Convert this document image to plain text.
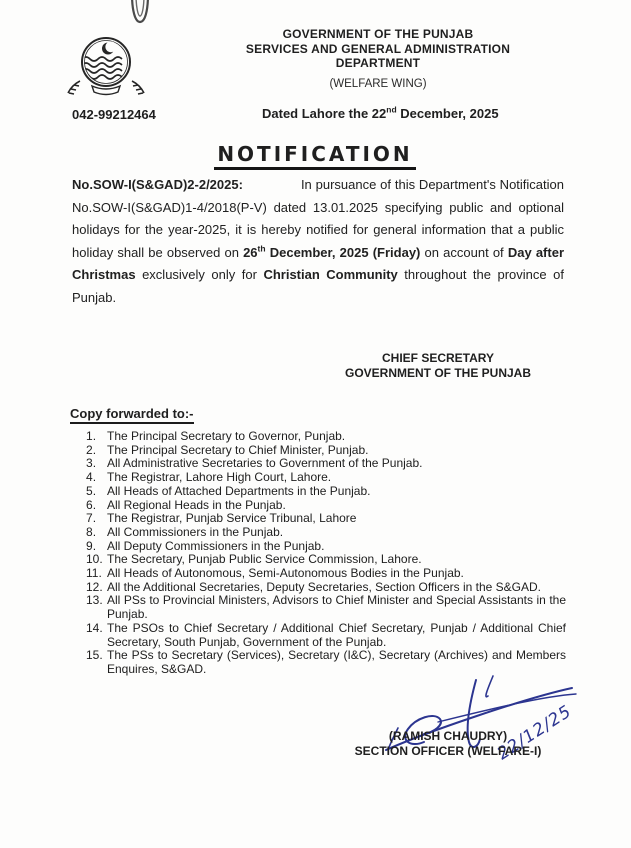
GOVERNMENT OF THE PUNJAB
SERVICES AND GENERAL ADMINISTRATION
DEPARTMENT
(WELFARE WING)
042-99212464	Dated Lahore the 22nd December, 2025
NOTIFICATION

No.SOW-I(S&GAD)2-2/2025:	In pursuance of this Department's Notification No.SOW-I(S&GAD)1-4/2018(P-V) dated 13.01.2025 specifying public and optional holidays for the year-2025, it is hereby notified for general information that a public holiday shall be observed on 26th December, 2025 (Friday) on account of Day after Christmas exclusively only for Christian Community throughout the province of Punjab.

CHIEF SECRETARY
GOVERNMENT OF THE PUNJAB
Copy forwarded to:-
The Principal Secretary to Governor, Punjab.
The Principal Secretary to Chief Minister, Punjab.
All Administrative Secretaries to Government of the Punjab.
The Registrar, Lahore High Court, Lahore.
All Heads of Attached Departments in the Punjab.
All Regional Heads in the Punjab.
The Registrar, Punjab Service Tribunal, Lahore
All Commissioners in the Punjab.
All Deputy Commissioners in the Punjab.
The Secretary, Punjab Public Service Commission, Lahore.
All Heads of Autonomous, Semi-Autonomous Bodies in the Punjab.
All the Additional Secretaries, Deputy Secretaries, Section Officers in the S&GAD.
All PSs to Provincial Ministers, Advisors to Chief Minister and Special Assistants in the Punjab.
The PSOs to Chief Secretary / Additional Chief Secretary, Punjab / Additional Chief Secretary, South Punjab, Government of the Punjab.
The PSs to Secretary (Services), Secretary (I&C), Secretary (Archives) and Members Enquires, S&GAD.
22/12/25
(RAMISH CHAUDRY)
SECTION OFFICER (WELFARE-I)
